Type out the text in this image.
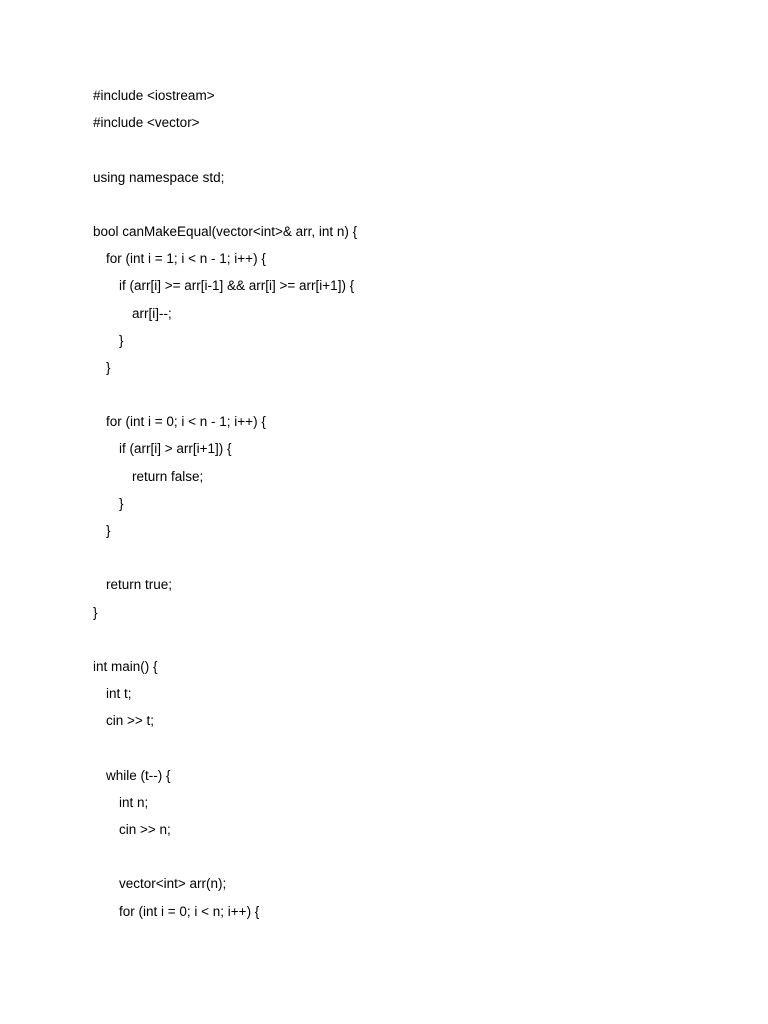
#include <iostream>
#include <vector>
using namespace std;
bool canMakeEqual(vector<int>& arr, int n) {
for (int i = 1; i < n - 1; i++) {
if (arr[i] >= arr[i-1] && arr[i] >= arr[i+1]) {
arr[i]--;
}
}
for (int i = 0; i < n - 1; i++) {
if (arr[i] > arr[i+1]) {
return false;
}
}
return true;
}
int main() {
int t;
cin >> t;
while (t--) {
int n;
cin >> n;
vector<int> arr(n);
for (int i = 0; i < n; i++) {
